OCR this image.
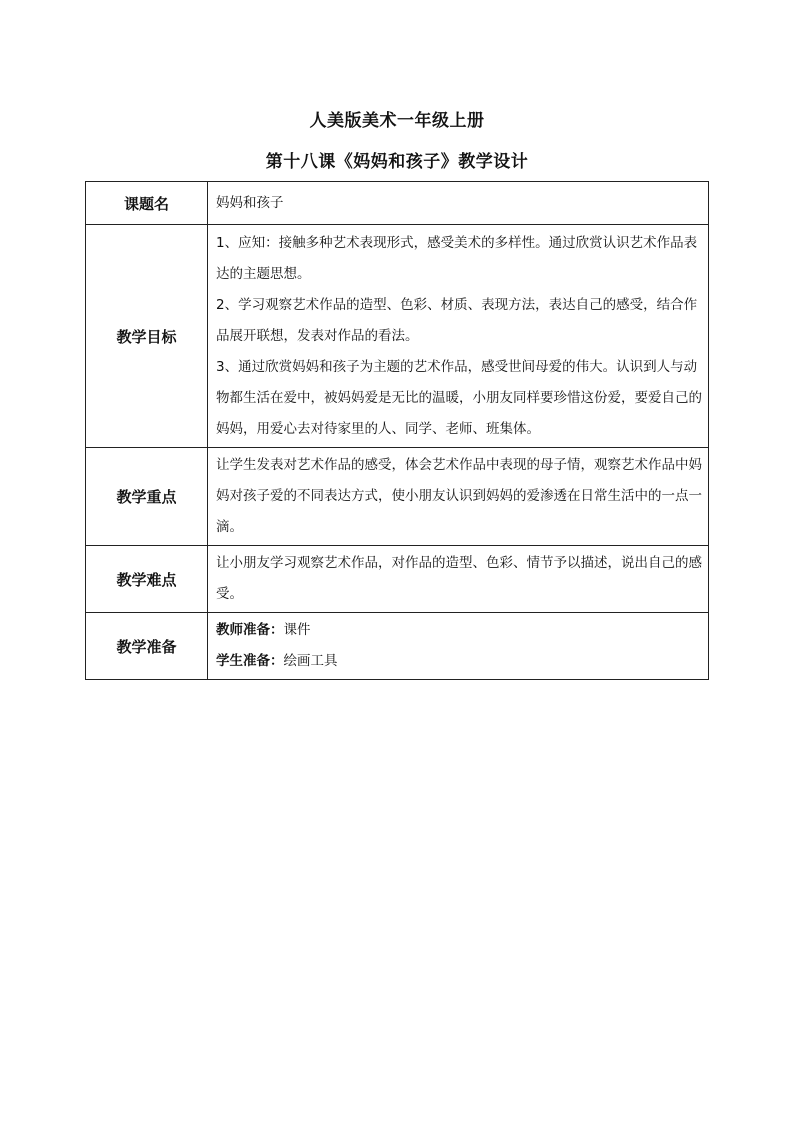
人美版美术一年级上册
第十八课《妈妈和孩子》教学设计
课题名	妈妈和孩子
教学目标	1、应知：接触多种艺术表现形式，感受美术的多样性。通过欣赏认识艺术作品表达的主题思想。

2、学习观察艺术作品的造型、色彩、材质、表现方法，表达自己的感受，结合作品展开联想，发表对作品的看法。

3、通过欣赏妈妈和孩子为主题的艺术作品，感受世间母爱的伟大。认识到人与动物都生活在爱中，被妈妈爱是无比的温暖，小朋友同样要珍惜这份爱，要爱自己的妈妈，用爱心去对待家里的人、同学、老师、班集体。

教学重点	让学生发表对艺术作品的感受，体会艺术作品中表现的母子情，观察艺术作品中妈妈对孩子爱的不同表达方式，使小朋友认识到妈妈的爱渗透在日常生活中的一点一滴。
教学难点	让小朋友学习观察艺术作品，对作品的造型、色彩、情节予以描述，说出自己的感受。
教学准备	教师准备：课件

学生准备：绘画工具
